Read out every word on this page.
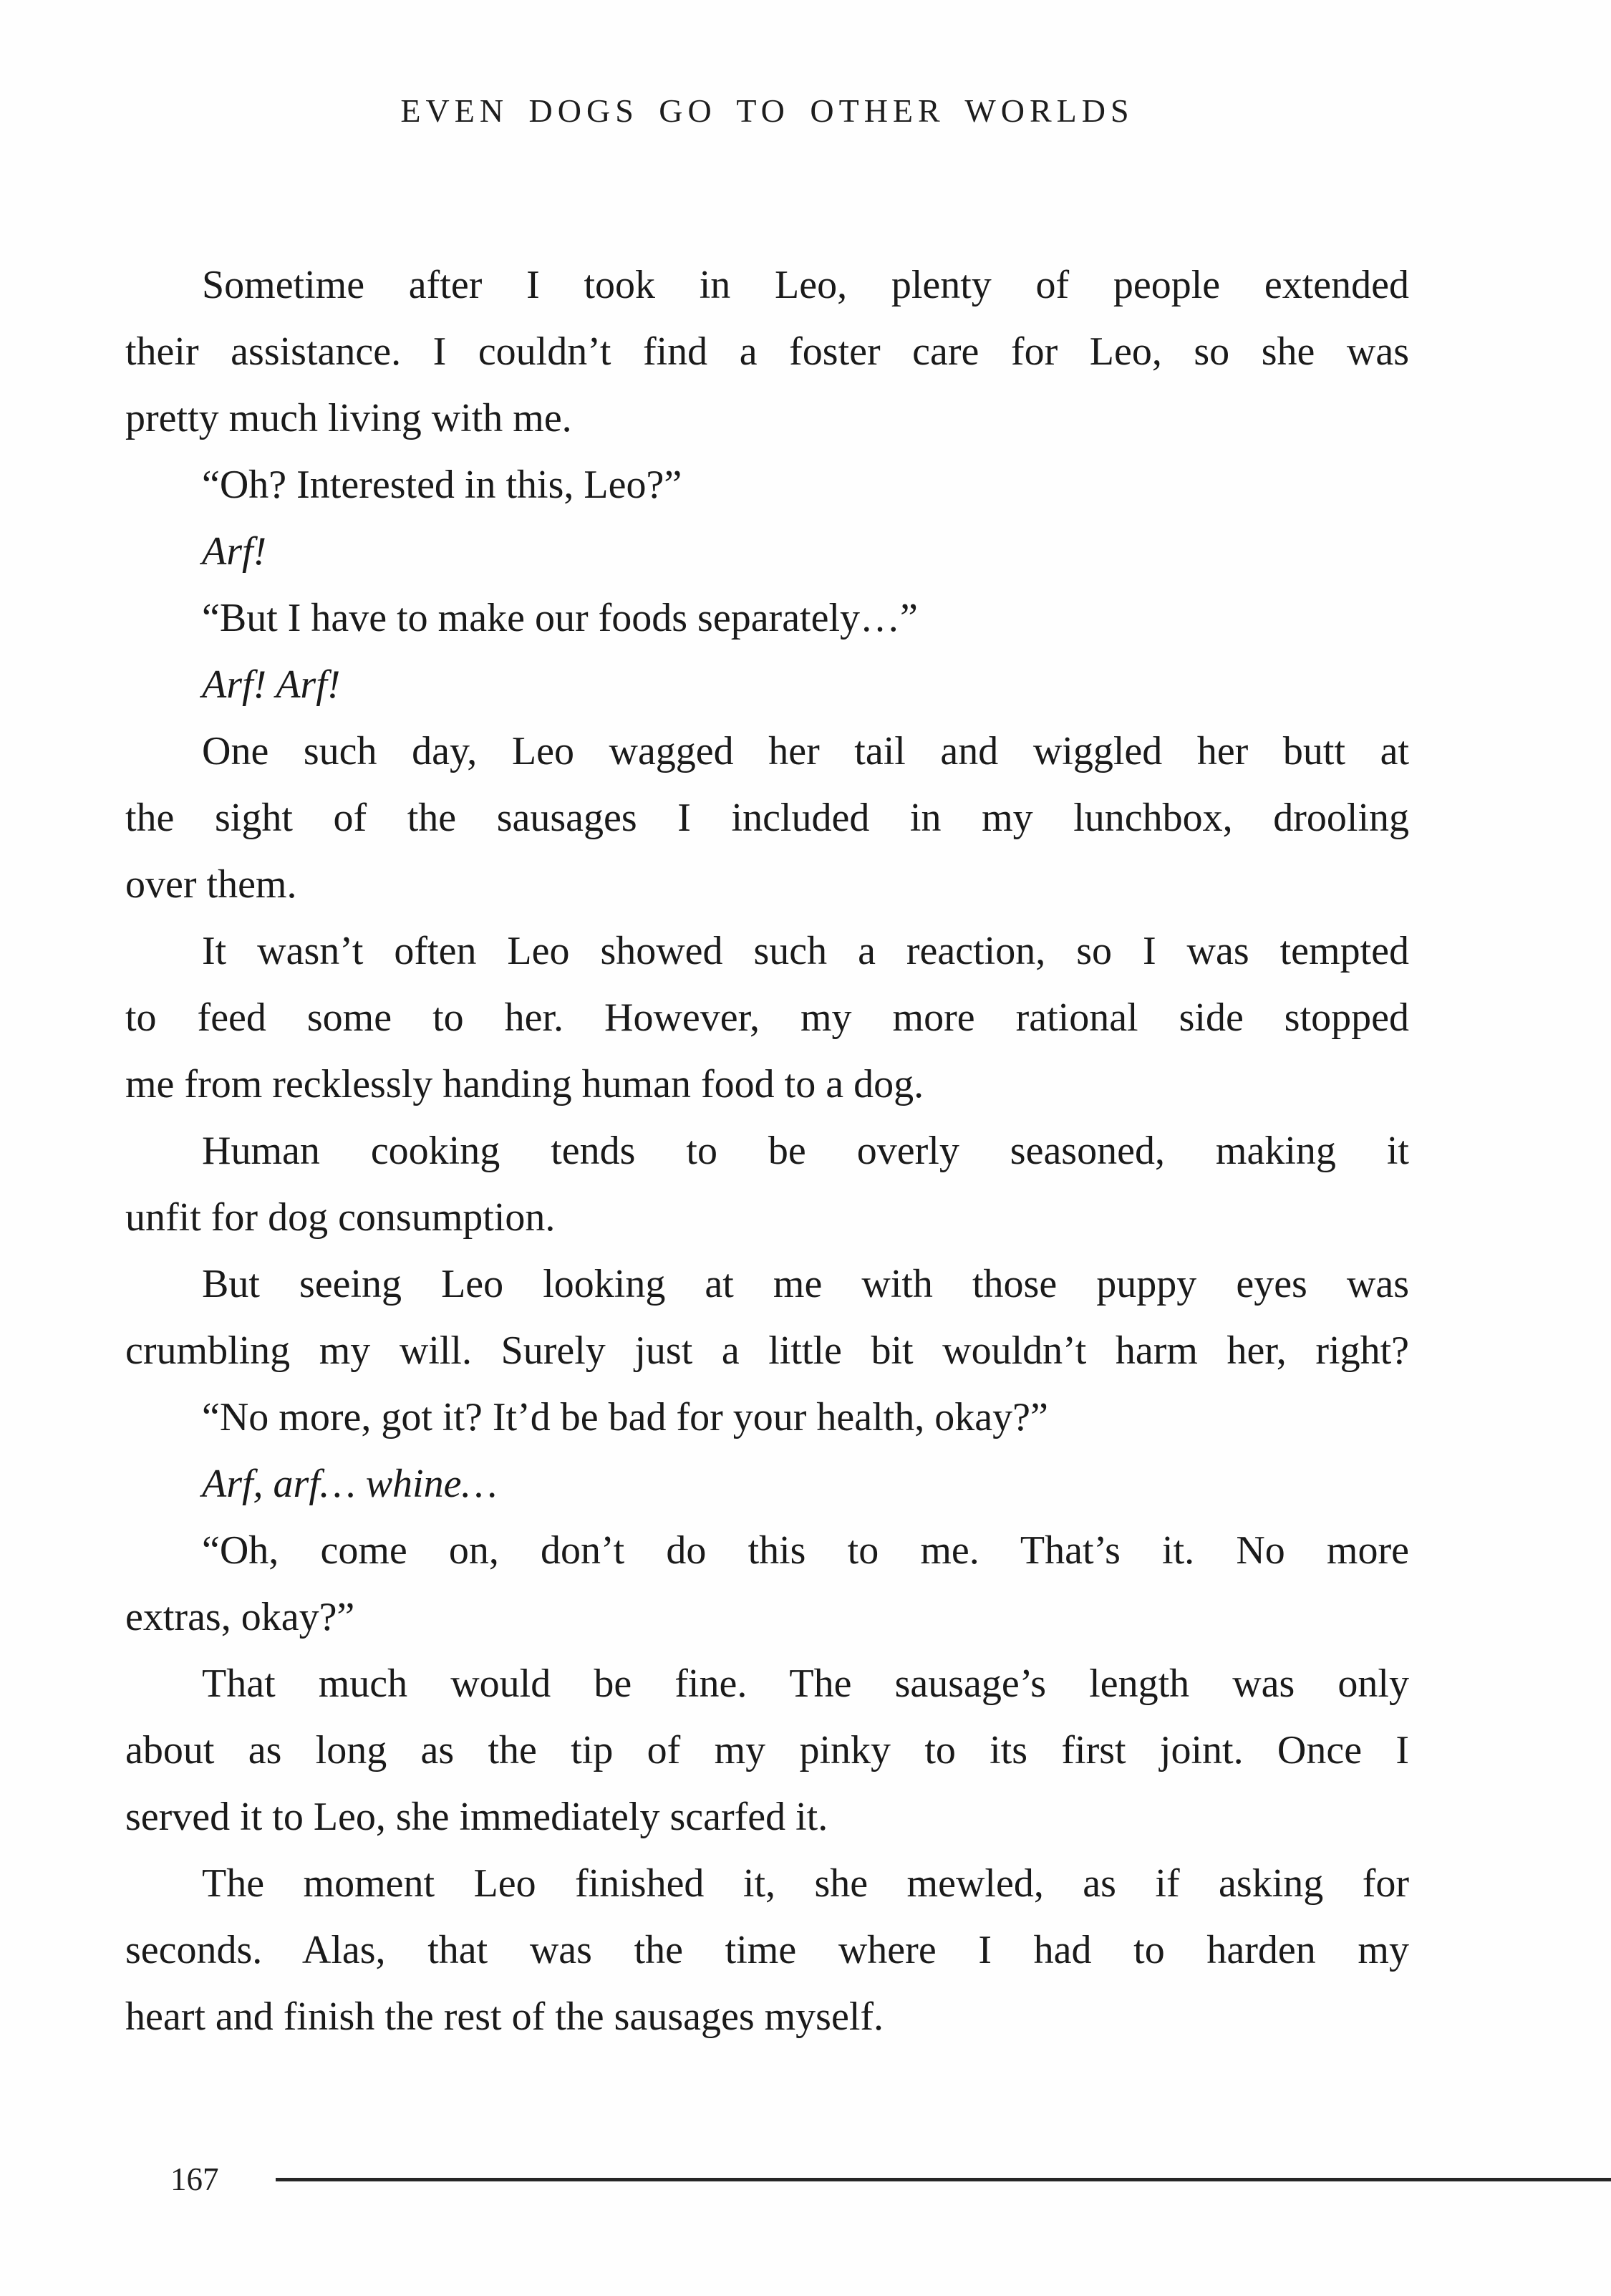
EVEN DOGS GO TO OTHER WORLDS
Sometime after I took in Leo, plenty of people extended
their assistance. I couldn’t find a foster care for Leo, so she was
pretty much living with me.
“Oh? Interested in this, Leo?”
Arf!
“But I have to make our foods separately…”
Arf! Arf!
One such day, Leo wagged her tail and wiggled her butt at
the sight of the sausages I included in my lunchbox, drooling
over them.
It wasn’t often Leo showed such a reaction, so I was tempted
to feed some to her. However, my more rational side stopped
me from recklessly handing human food to a dog.
Human cooking tends to be overly seasoned, making it
unfit for dog consumption.
But seeing Leo looking at me with those puppy eyes was
crumbling my will. Surely just a little bit wouldn’t harm her, right?
“No more, got it? It’d be bad for your health, okay?”
Arf, arf… whine…
“Oh, come on, don’t do this to me. That’s it. No more
extras, okay?”
That much would be fine. The sausage’s length was only
about as long as the tip of my pinky to its first joint. Once I
served it to Leo, she immediately scarfed it.
The moment Leo finished it, she mewled, as if asking for
seconds. Alas, that was the time where I had to harden my
heart and finish the rest of the sausages myself.
167
